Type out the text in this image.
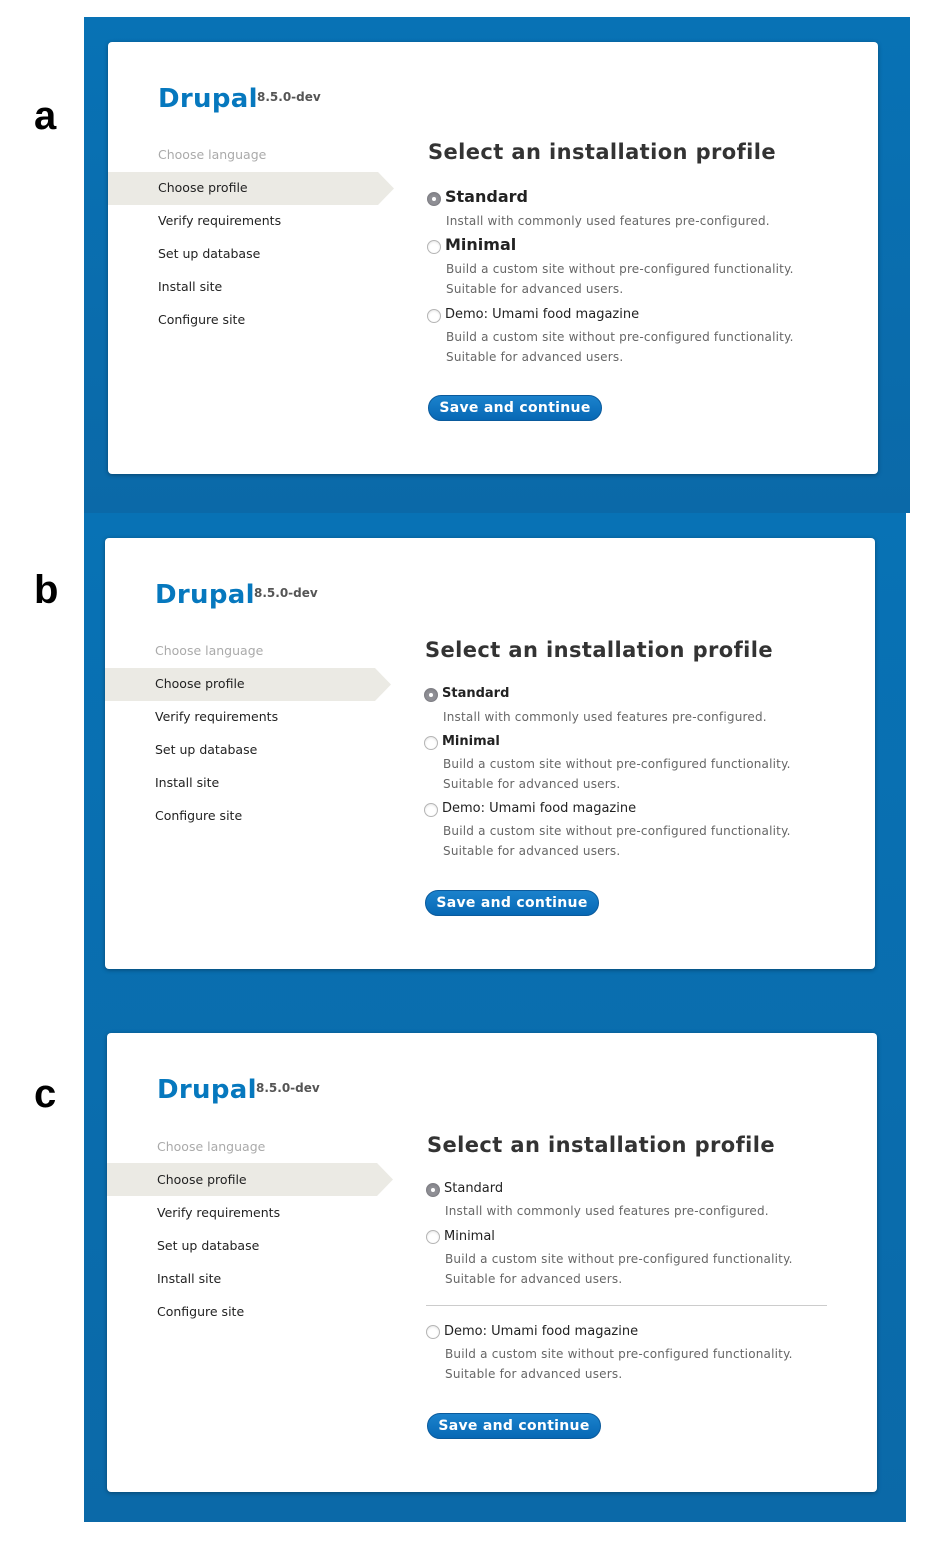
a
b
c
Drupal 8.5.0-dev
Choose language
Choose profile
Verify requirements
Set up database
Install site
Configure site
Select an installation profile
Standard
Install with commonly used features pre-configured.
Minimal
Build a custom site without pre-configured functionality.
Suitable for advanced users.
Demo: Umami food magazine
Build a custom site without pre-configured functionality.
Suitable for advanced users.
Save and continue
Drupal 8.5.0-dev
Choose language
Choose profile
Verify requirements
Set up database
Install site
Configure site
Select an installation profile
Standard
Install with commonly used features pre-configured.
Minimal
Build a custom site without pre-configured functionality.
Suitable for advanced users.
Demo: Umami food magazine
Build a custom site without pre-configured functionality.
Suitable for advanced users.
Save and continue
Drupal 8.5.0-dev
Choose language
Choose profile
Verify requirements
Set up database
Install site
Configure site
Select an installation profile
Standard
Install with commonly used features pre-configured.
Minimal
Build a custom site without pre-configured functionality.
Suitable for advanced users.
Demo: Umami food magazine
Build a custom site without pre-configured functionality.
Suitable for advanced users.
Save and continue
